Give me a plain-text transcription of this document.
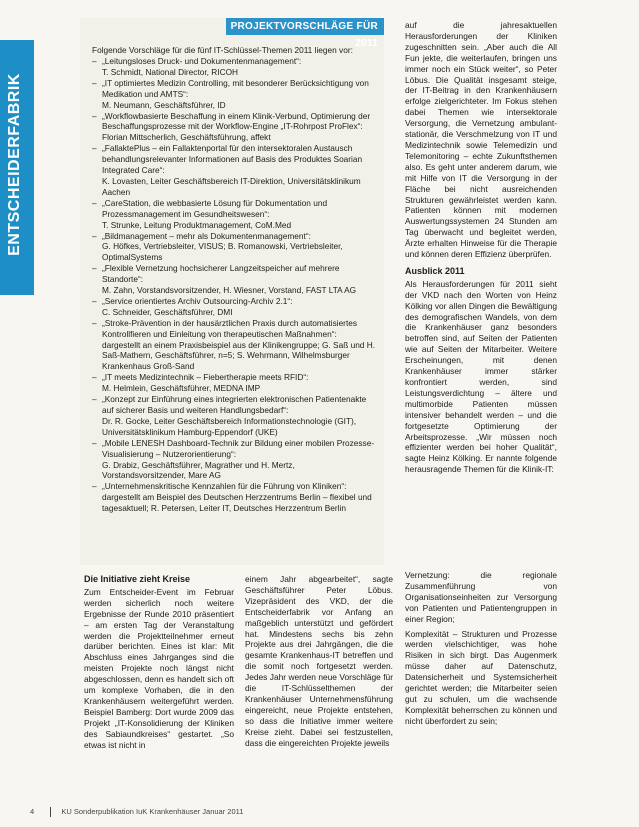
ENTSCHEIDERFABRIK
PROJEKTVORSCHLÄGE FÜR 2011
Folgende Vorschläge für die fünf IT-Schlüssel-Themen 2011 liegen vor:
– „Leitungsloses Druck- und Dokumentenmanagement“:
T. Schmidt, National Director, RICOH
– „IT optimiertes Medizin Controlling, mit besonderer Berücksichtigung von Medikation und AMTS“:
M. Neumann, Geschäftsführer, ID
– „Workflowbasierte Beschaffung in einem Klinik-Verbund, Optimierung der Beschaffungsprozesse mit der Workflow-Engine „IT-Rohrpost ProFlex“:
Florian Mittscherlich, Geschäftsführung, affekt
– „FallaktePlus – ein Fallaktenportal für den intersektoralen Austausch behandlungsrelevanter Informationen auf Basis des Produktes Soarian Integrated Care“:
K. Lovasten, Leiter Geschäftsbereich IT-Direktion, Universitätsklinikum Aachen
– „CareStation, die webbasierte Lösung für Dokumentation und Prozessmanagement im Gesundheitswesen“:
T. Strunke, Leitung Produktmanagement, CoM.Med
– „Bildmanagement – mehr als Dokumentenmanagement“:
G. Höfkes, Vertriebsleiter, VISUS; B. Romanowski, Vertriebsleiter, OptimalSystems
– „Flexible Vernetzung hochsicherer Langzeitspeicher auf mehrere Standorte“:
M. Zahn, Vorstandsvorsitzender, H. Wiesner, Vorstand, FAST LTA AG
– „Service orientiertes Archiv Outsourcing-Archiv 2.1“:
C. Schneider, Geschäftsführer, DMI
– „Stroke-Prävention in der hausärztlichen Praxis durch automatisiertes Kontrollfieren und Einleitung von therapeutischen Maßnahmen“:
dargestellt an einem Praxisbeispiel aus der Klinikengruppe; G. Saß und H. Saß-Mathern, Geschäftsführer, n=5; S. Wehrmann, Wilhelmsburger Krankenhaus Groß-Sand
– „IT meets Medizintechnik – Fiebertherapie meets RFID“:
M. Helmlein, Geschäftsführer, MEDNA IMP
– „Konzept zur Einführung eines integrierten elektronischen Patientenakte auf sicherer Basis und weiteren Handlungsbedarf“:
Dr. R. Gocke, Leiter Geschäftsbereich Informationstechnologie (GIT), Universitätsklinikum Hamburg-Eppendorf (UKE)
– „Mobile LENESH Dashboard-Technik zur Bildung einer mobilen Prozesse-Visualisierung – Nutzerorientierung“:
G. Drabiz, Geschäftsführer, Magrather und H. Mertz, Vorstandsvorsitzender, Mare AG
– „Unternehmenskritische Kennzahlen für die Führung von Kliniken“:
dargestellt am Beispiel des Deutschen Herzzentrums Berlin – flexibel und tagesaktuell; R. Petersen, Leiter IT, Deutsches Herzzentrum Berlin

auf die jahresaktuellen Herausforderungen der Kliniken zugeschnitten sein. „Aber auch die All Fun jekte, die weiterlaufen, bringen uns immer noch ein Stück weiter“, so Peter Löbus. Die Qualität insgesamt steige, der IT-Beitrag in den Krankenhäusern erfolge zielgerichteter. Im Fokus stehen dabei Themen wie intersektorale Versorgung, die Vernetzung ambulant-stationär, die Verschmelzung von IT und Medizintechnik sowie Telemedizin und Telemonitoring – echte Zukunftsthemen also. Es geht unter anderem darum, wie mit Hilfe von IT die Versorgung in der Fläche bei nicht ausreichenden Strukturen gewährleistet werden kann. Patienten können mit modernen Auswertungssystemen 24 Stunden am Tag überwacht und begleitet werden, Ärzte erhalten Hinweise für die Therapie und können deren Effizienz überprüfen.

Ausblick 2011

Als Herausforderungen für 2011 sieht der VKD nach den Worten von Heinz Kölking vor allen Dingen die Bewältigung des demografischen Wandels, von dem die Krankenhäuser ganz besonders betroffen sind, auf Seiten der Patienten wie auf Seiten der Mitarbeiter. Weitere Erscheinungen, mit denen Krankenhäuser immer stärker konfrontiert werden, sind Leistungsverdichtung – ältere und multimorbide Patienten müssen intensiver behandelt werden – und die fortgesetzte Optimierung der Arbeitsprozesse. „Wir müssen noch effizienter werden bei hoher Qualität“, sagte Heinz Kölking. Er nannte folgende herausragende Themen für die Klinik-IT:

Die Initiative zieht Kreise

Zum Entscheider-Event im Februar werden sicherlich noch weitere Ergebnisse der Runde 2010 präsentiert – am ersten Tag der Veranstaltung werden die Projektteilnehmer erneut darüber berichten. Eines ist klar: Mit Abschluss eines Jahrganges sind die meisten Projekte noch längst nicht abgeschlossen, denn es handelt sich oft um komplexe Vorhaben, die in den Krankenhäusern weitergeführt werden. Beispiel Bamberg: Dort wurde 2009 das Projekt „IT-Konsolidierung der Kliniken des Sabiaundkreises“ gestartet. „So etwas ist nicht in

einem Jahr abgearbeitet“, sagte Geschäftsführer Peter Löbus. Vizepräsident des VKD, der die Entscheiderfabrik vor Anfang an maßgeblich unterstützt und gefördert hat. Mindestens sechs bis zehn Projekte aus drei Jahrgängen, die die gesamte Krankenhaus-IT betreffen und die somit noch fortgesetzt werden. Jedes Jahr werden neue Vorschläge für die IT-Schlüsselthemen der Krankenhäuser Unternehmensführung eingereicht, neue Projekte entstehen, so dass die Initiative immer weitere Kreise zieht. Dabei sei festzustellen, dass die eingereichten Projekte jeweils

Vernetzung: die regionale Zusammenführung von Organisationseinheiten zur Versorgung von Patienten und Patientengruppen in einer Region;

Komplexität – Strukturen und Prozesse werden vielschichtiger, was hohe Risiken in sich birgt. Das Augenmerk müsse daher auf Datenschutz, Datensicherheit und Systemsicherheit gerichtet werden; die Mitarbeiter seien gut zu schulen, um die wachsende Komplexität beherrschen zu können und nicht überfordert zu sein;

4	KU Sonderpublikation IuK Krankenhäuser Januar 2011
